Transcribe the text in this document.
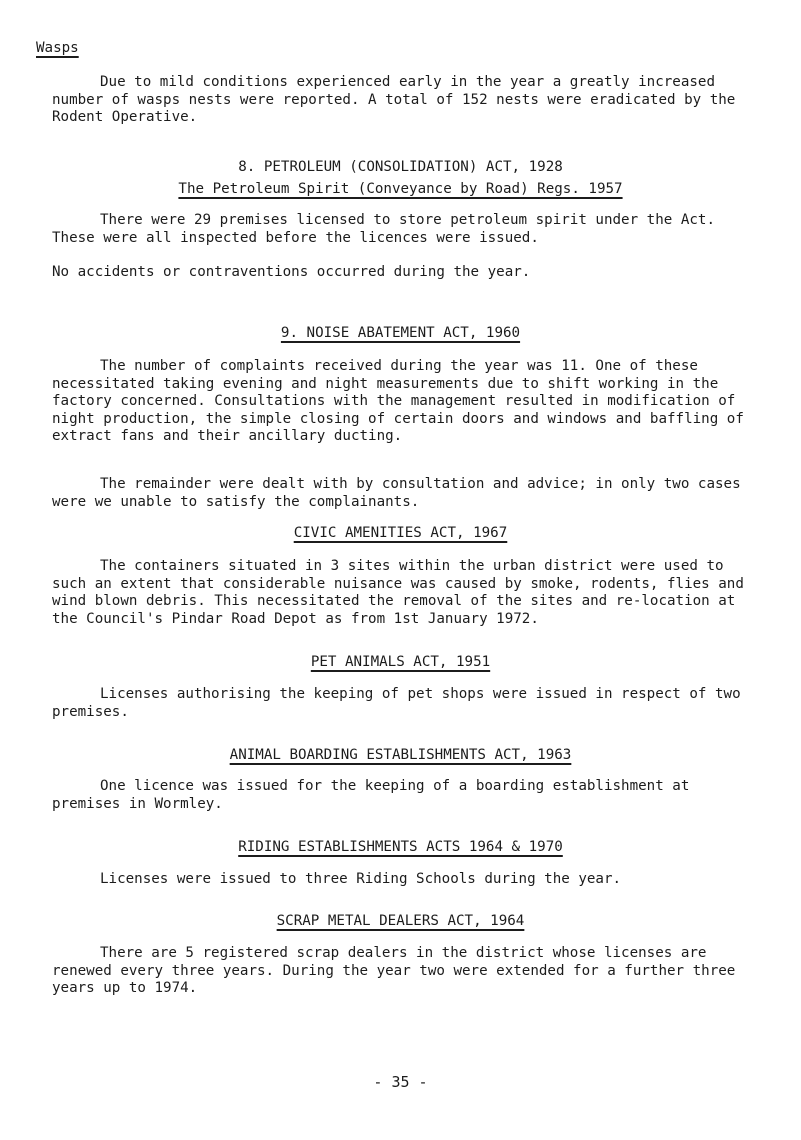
Wasps

Due to mild conditions experienced early in the year a greatly increased number of wasps nests were reported. A total of 152 nests were eradicated by the Rodent Operative.

8. PETROLEUM (CONSOLIDATION) ACT, 1928

The Petroleum Spirit (Conveyance by Road) Regs. 1957

There were 29 premises licensed to store petroleum spirit under the Act. These were all inspected before the licences were issued.

No accidents or contraventions occurred during the year.

9. NOISE ABATEMENT ACT, 1960

The number of complaints received during the year was 11. One of these necessitated taking evening and night measurements due to shift working in the factory concerned. Consultations with the management resulted in modification of night production, the simple closing of certain doors and windows and baffling of extract fans and their ancillary ducting.

The remainder were dealt with by consultation and advice; in only two cases were we unable to satisfy the complainants.

CIVIC AMENITIES ACT, 1967

The containers situated in 3 sites within the urban district were used to such an extent that considerable nuisance was caused by smoke, rodents, flies and wind blown debris. This necessitated the removal of the sites and re-location at the Council's Pindar Road Depot as from 1st January 1972.

PET ANIMALS ACT, 1951

Licenses authorising the keeping of pet shops were issued in respect of two premises.

ANIMAL BOARDING ESTABLISHMENTS ACT, 1963

One licence was issued for the keeping of a boarding establishment at premises in Wormley.

RIDING ESTABLISHMENTS ACTS 1964 & 1970

Licenses were issued to three Riding Schools during the year.

SCRAP METAL DEALERS ACT, 1964

There are 5 registered scrap dealers in the district whose licenses are renewed every three years. During the year two were extended for a further three years up to 1974.

- 35 -
